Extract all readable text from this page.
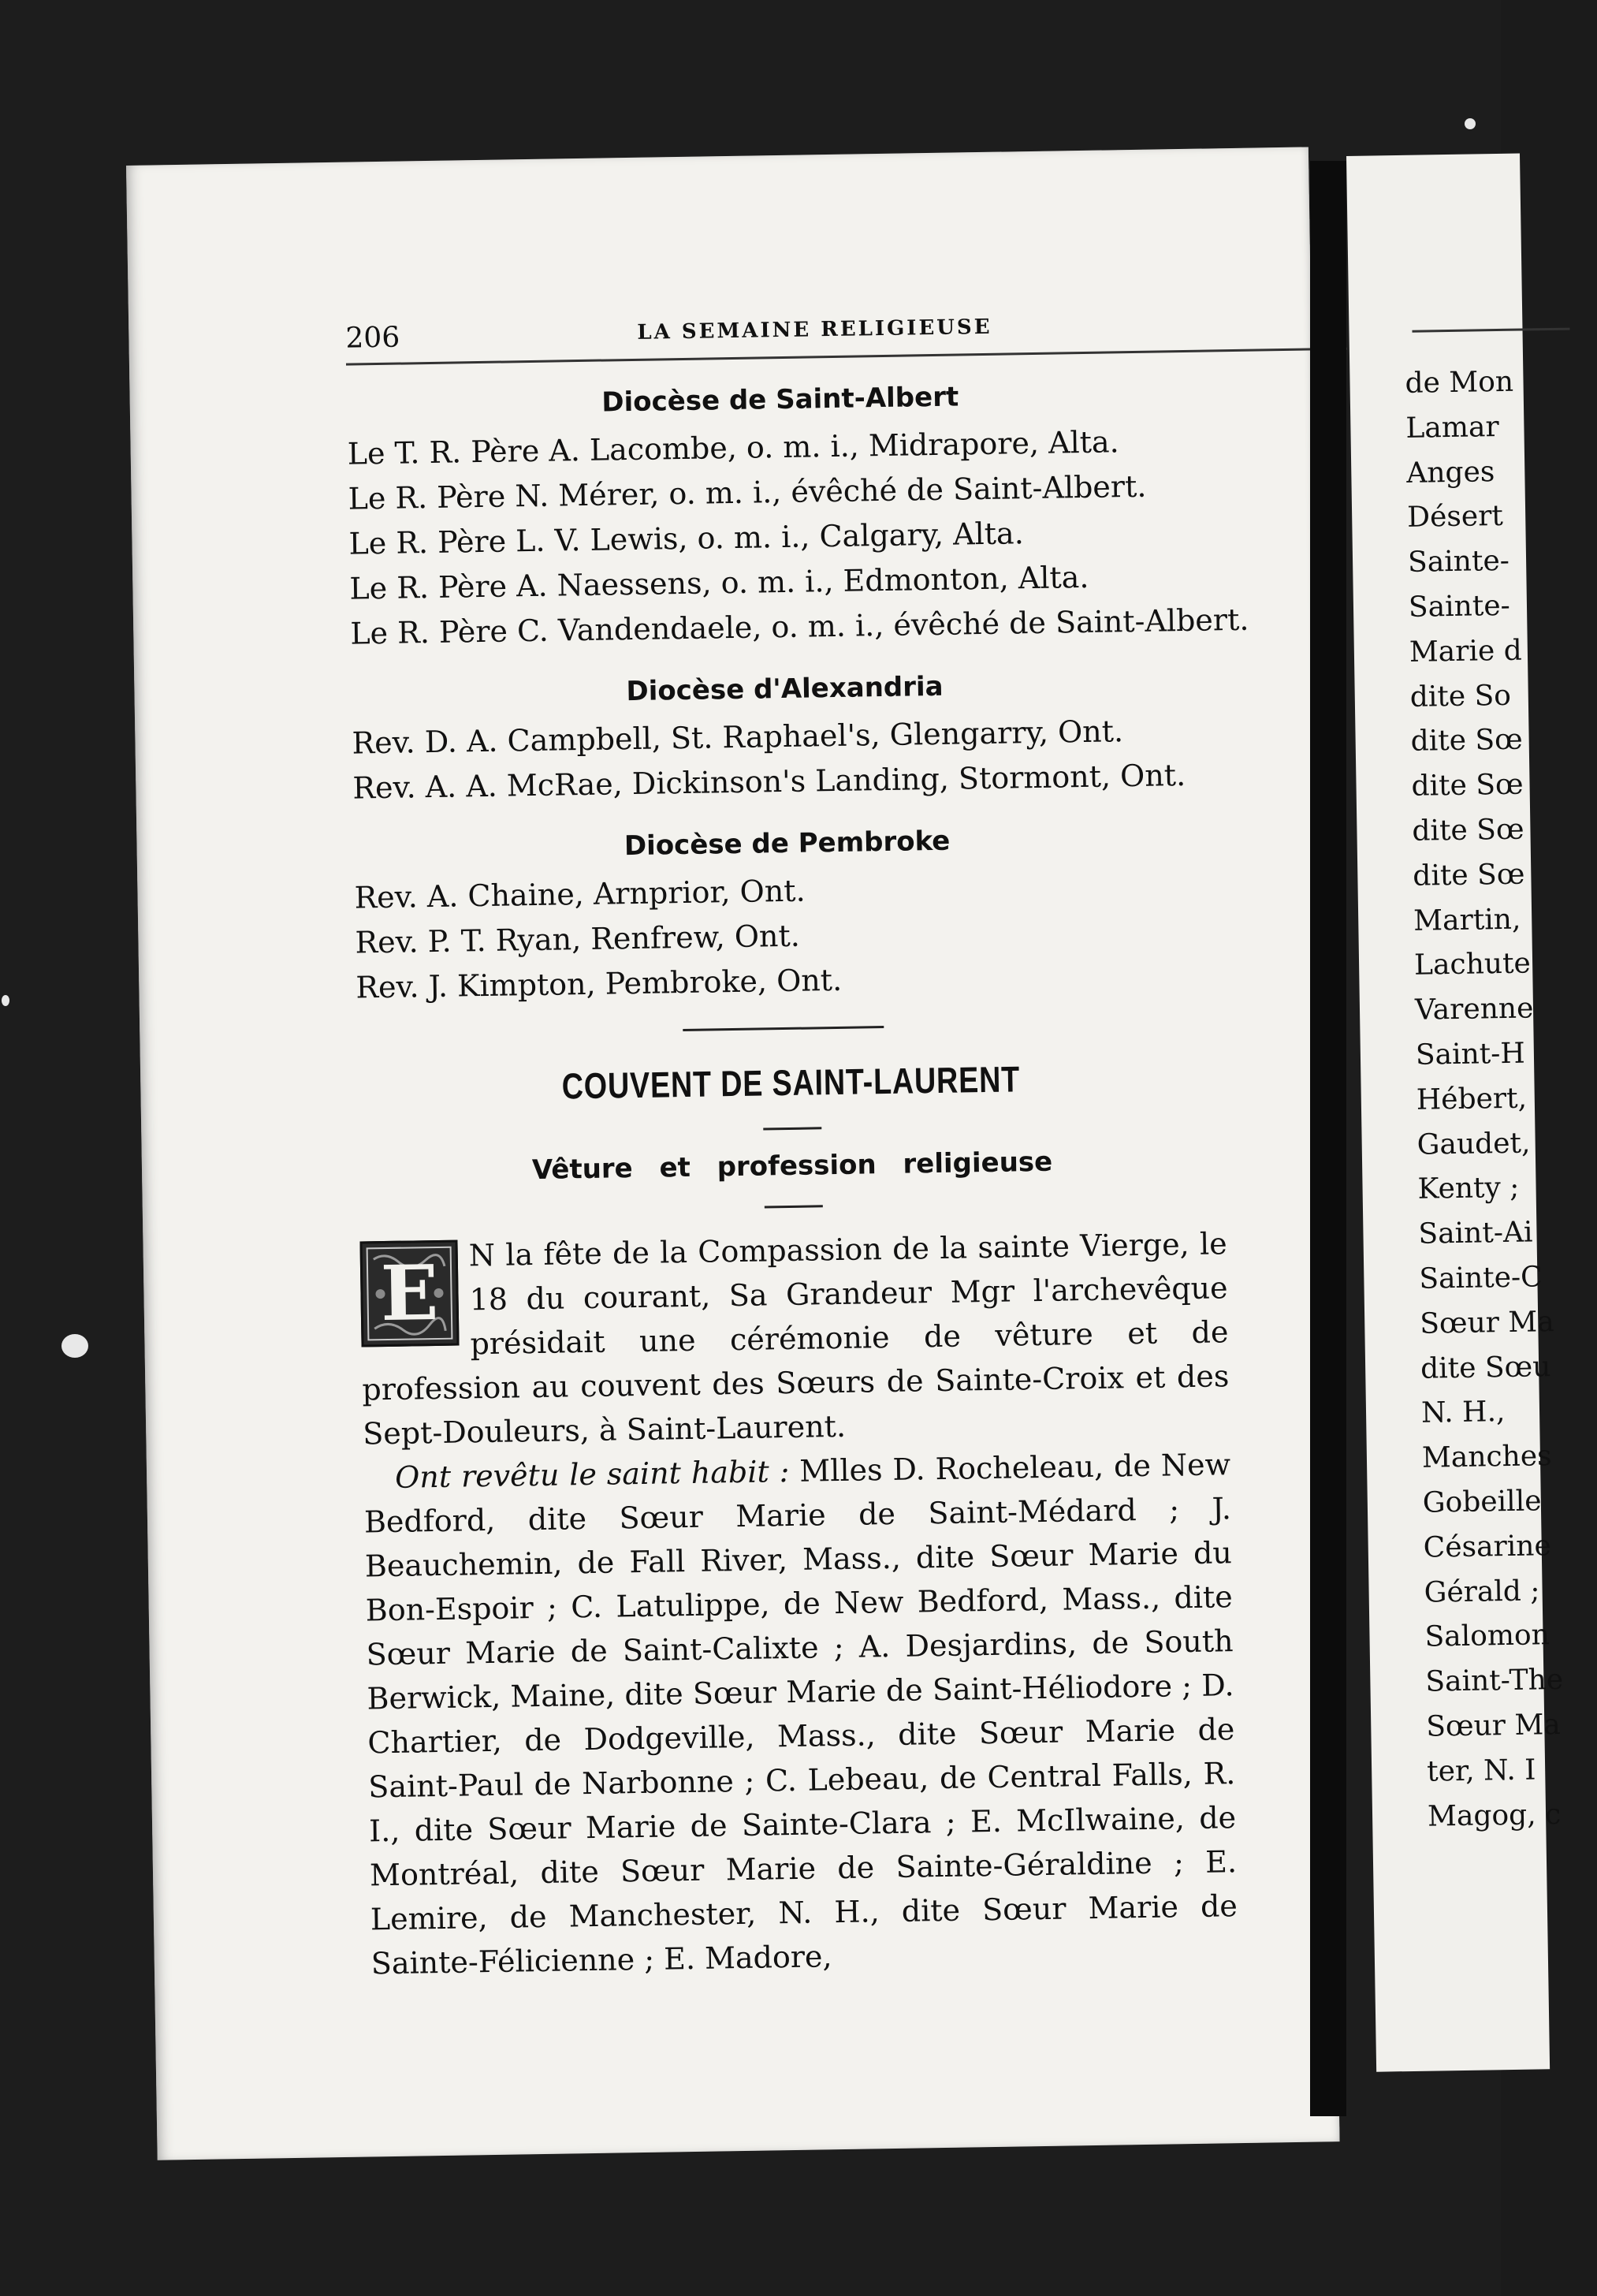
206	LA SEMAINE RELIGIEUSE
Diocèse de Saint-Albert
Le T. R. Père A. Lacombe, o. m. i., Midrapore, Alta.
Le R. Père N. Mérer, o. m. i., évêché de Saint-Albert.
Le R. Père L. V. Lewis, o. m. i., Calgary, Alta.
Le R. Père A. Naessens, o. m. i., Edmonton, Alta.
Le R. Père C. Vandendaele, o. m. i., évêché de Saint-Albert.
Diocèse d'Alexandria
Rev. D. A. Campbell, St. Raphael's, Glengarry, Ont.
Rev. A. A. McRae, Dickinson's Landing, Stormont, Ont.
Diocèse de Pembroke
Rev. A. Chaine, Arnprior, Ont.
Rev. P. T. Ryan, Renfrew, Ont.
Rev. J. Kimpton, Pembroke, Ont.
COUVENT DE SAINT-LAURENT
Vêture et profession religieuse

E N la fête de la Compassion de la sainte Vierge, le 18 du courant, Sa Grandeur Mgr l'archevêque présidait une cérémonie de vêture et de profession au couvent des Sœurs de Sainte-Croix et des Sept-Douleurs, à Saint-Laurent.

Ont revêtu le saint habit : Mlles D. Rocheleau, de New Bedford, dite Sœur Marie de Saint-Médard ; J. Beauchemin, de Fall River, Mass., dite Sœur Marie du Bon-Espoir ; C. Latulippe, de New Bedford, Mass., dite Sœur Marie de Saint-Calixte ; A. Desjardins, de South Berwick, Maine, dite Sœur Marie de Saint-Héliodore ; D. Chartier, de Dodgeville, Mass., dite Sœur Marie de Saint-Paul de Narbonne ; C. Lebeau, de Central Falls, R. I., dite Sœur Marie de Sainte-Clara ; E. McIlwaine, de Montréal, dite Sœur Marie de Sainte-Géraldine ; E. Lemire, de Manchester, N. H., dite Sœur Marie de Sainte-Félicienne ; E. Madore,

de Mon
Lamar
Anges
Désert
Sainte-
Sainte-
Marie d
dite So
dite Sœ
dite Sœ
dite Sœ
dite Sœ
Martin,
Lachute
Varenne
Saint-H
Hébert,
Gaudet,
Kenty ;
Saint-Ai
Sainte-C
Sœur Ma
dite Sœu
N. H.,
Manches
Gobeille
Césarine
Gérald ;
Salomon
Saint-The
Sœur Ma
ter, N. I
Magog, c
